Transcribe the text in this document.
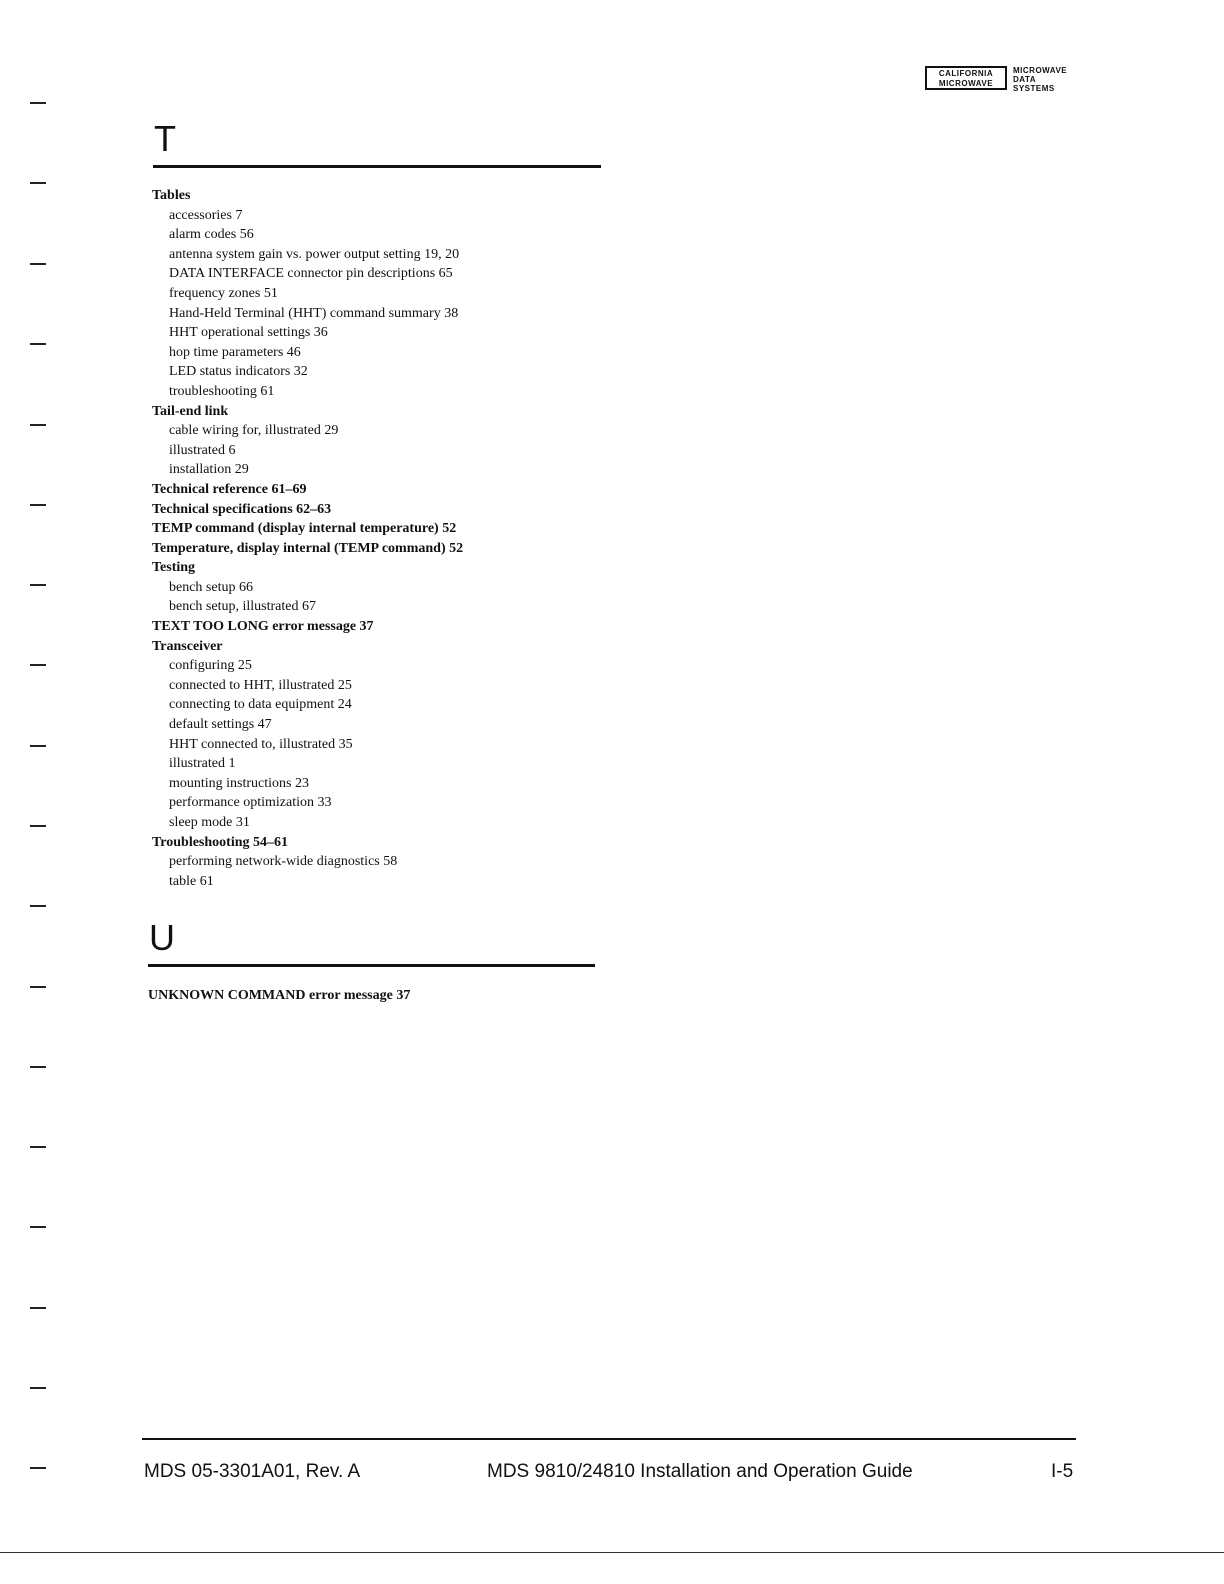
CALIFORNIA
MICROWAVE
MICROWAVE
DATA
SYSTEMS
T
Tables
accessories 7
alarm codes 56
antenna system gain vs. power output setting 19, 20
DATA INTERFACE connector pin descriptions 65
frequency zones 51
Hand-Held Terminal (HHT) command summary 38
HHT operational settings 36
hop time parameters 46
LED status indicators 32
troubleshooting 61
Tail-end link
cable wiring for, illustrated 29
illustrated 6
installation 29
Technical reference 61–69
Technical specifications 62–63
TEMP command (display internal temperature) 52
Temperature, display internal (TEMP command) 52
Testing
bench setup 66
bench setup, illustrated 67
TEXT TOO LONG error message 37
Transceiver
configuring 25
connected to HHT, illustrated 25
connecting to data equipment 24
default settings 47
HHT connected to, illustrated 35
illustrated 1
mounting instructions 23
performance optimization 33
sleep mode 31
Troubleshooting 54–61
performing network-wide diagnostics 58
table 61
U
UNKNOWN COMMAND error message 37
MDS 05-3301A01, Rev. A	MDS 9810/24810 Installation and Operation Guide	I-5
